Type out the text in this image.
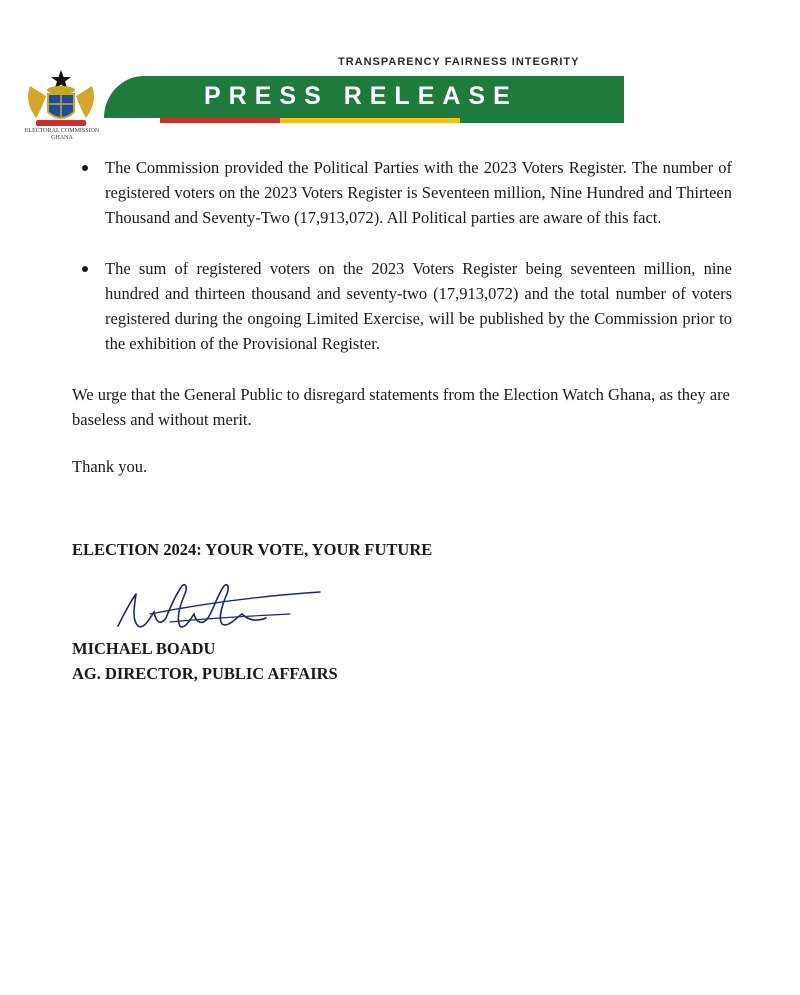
TRANSPARENCY FAIRNESS INTEGRITY
ELECTORAL COMMISSION
GHANA
PRESS RELEASE
The Commission provided the Political Parties with the 2023 Voters Register. The number of registered voters on the 2023 Voters Register is Seventeen million, Nine Hundred and Thirteen Thousand and Seventy-Two (17,913,072). All Political parties are aware of this fact.
The sum of registered voters on the 2023 Voters Register being seventeen million, nine hundred and thirteen thousand and seventy-two (17,913,072) and the total number of voters registered during the ongoing Limited Exercise, will be published by the Commission prior to the exhibition of the Provisional Register.

We urge that the General Public to disregard statements from the Election Watch Ghana, as they are baseless and without merit.

Thank you.

ELECTION 2024: YOUR VOTE, YOUR FUTURE

MICHAEL BOADU

AG. DIRECTOR, PUBLIC AFFAIRS
